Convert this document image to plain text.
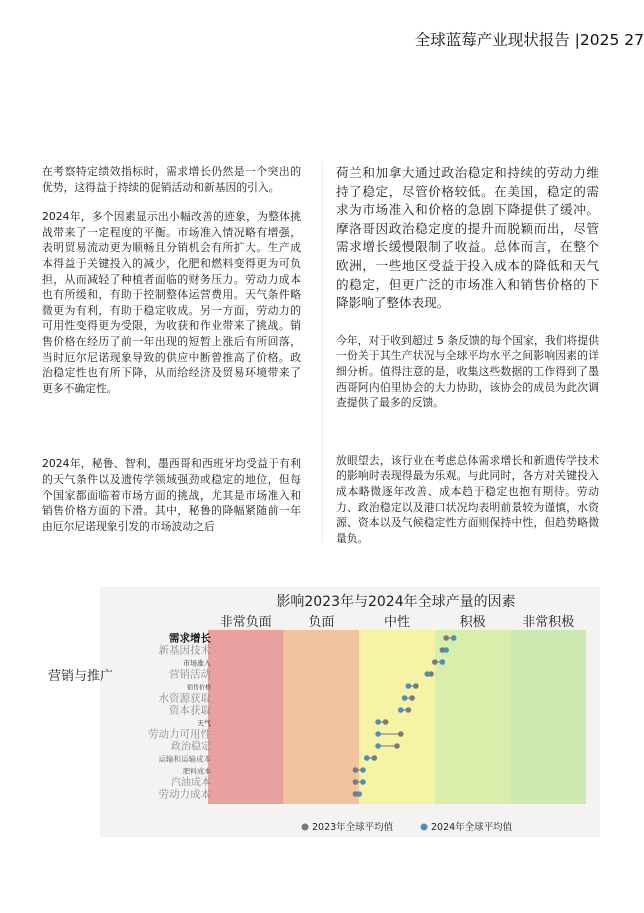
全球蓝莓产业现状报告 |2025 27

在考察特定绩效指标时，需求增长仍然是一个突出的优势，这得益于持续的促销活动和新基因的引入。

2024年，多个因素显示出小幅改善的迹象，为整体挑战带来了一定程度的平衡。市场准入情况略有增强，表明贸易流动更为顺畅且分销机会有所扩大。生产成本得益于关键投入的减少，化肥和燃料变得更为可负担，从而减轻了种植者面临的财务压力。劳动力成本也有所缓和，有助于控制整体运营费用。天气条件略微更为有利，有助于稳定收成。另一方面，劳动力的可用性变得更为受限，为收获和作业带来了挑战。销售价格在经历了前一年出现的短暂上涨后有所回落，当时厄尔尼诺现象导致的供应中断曾推高了价格。政治稳定性也有所下降，从而给经济及贸易环境带来了更多不确定性。

2024年，秘鲁、智利、墨西哥和西班牙均受益于有利的天气条件以及遗传学领域强劲或稳定的地位，但每个国家都面临着市场方面的挑战，尤其是市场准入和销售价格方面的下滑。其中，秘鲁的降幅紧随前一年由厄尔尼诺现象引发的市场波动之后

荷兰和加拿大通过政治稳定和持续的劳动力维持了稳定，尽管价格较低。在美国，稳定的需求为市场准入和价格的急剧下降提供了缓冲。摩洛哥因政治稳定度的提升而脱颖而出，尽管需求增长缓慢限制了收益。总体而言，在整个欧洲，一些地区受益于投入成本的降低和天气的稳定，但更广泛的市场准入和销售价格的下降影响了整体表现。

今年，对于收到超过 5 条反馈的每个国家，我们将提供一份关于其生产状况与全球平均水平之间影响因素的详细分析。值得注意的是，收集这些数据的工作得到了墨西哥阿内伯里协会的大力协助，该协会的成员为此次调查提供了最多的反馈。

放眼望去，该行业在考虑总体需求增长和新遗传学技术的影响时表现得最为乐观。与此同时，各方对关键投入成本略微逐年改善、成本趋于稳定也抱有期待。劳动力、政治稳定以及港口状况均表明前景较为谨慎，水资源、资本以及气候稳定性方面则保持中性，但趋势略微量负。

影响2023年与2024年全球产量的因素
营销与推广
非常负面	负面	中性	积极	非常积极
需求增长
新基因技术
市场准入
营销活动
销售价格
水资源获取
资本获取
天气
劳动力可用性
政治稳定
运输和运输成本
肥料成本
汽油成本
劳动力成本
2023年全球平均值	2024年全球平均值
